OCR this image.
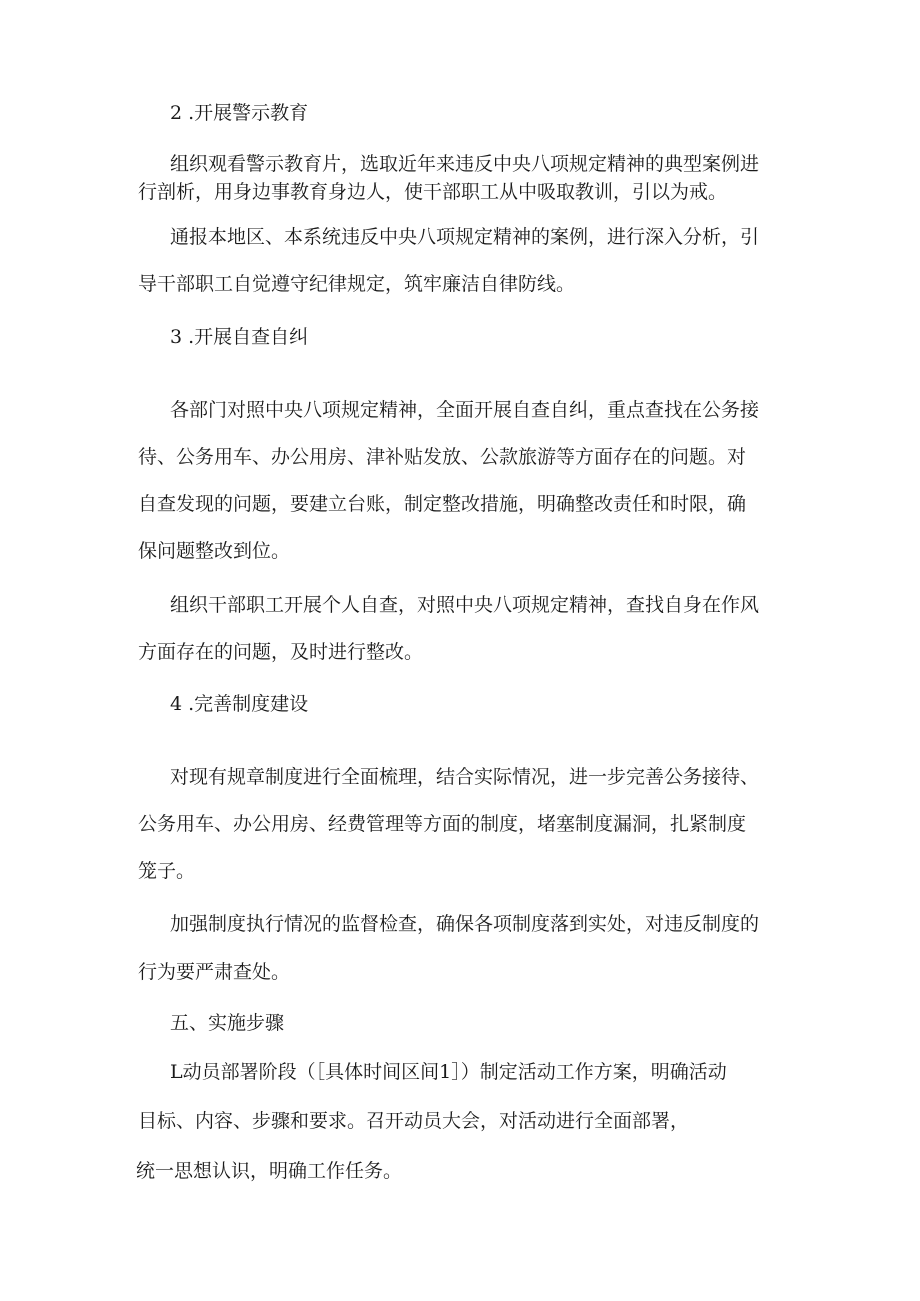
2 .开展警示教育
组织观看警示教育片，选取近年来违反中央八项规定精神的典型案例进
行剖析，用身边事教育身边人，使干部职工从中吸取教训，引以为戒。
通报本地区、本系统违反中央八项规定精神的案例，进行深入分析，引
导干部职工自觉遵守纪律规定，筑牢廉洁自律防线。
3 .开展自查自纠
各部门对照中央八项规定精神，全面开展自查自纠，重点查找在公务接
待、公务用车、办公用房、津补贴发放、公款旅游等方面存在的问题。对
自查发现的问题，要建立台账，制定整改措施，明确整改责任和时限，确
保问题整改到位。
组织干部职工开展个人自查，对照中央八项规定精神，查找自身在作风
方面存在的问题，及时进行整改。
4 .完善制度建设
对现有规章制度进行全面梳理，结合实际情况，进一步完善公务接待、
公务用车、办公用房、经费管理等方面的制度，堵塞制度漏洞，扎紧制度
笼子。
加强制度执行情况的监督检查，确保各项制度落到实处，对违反制度的
行为要严肃查处。
五、实施步骤
L动员部署阶段（［具体时间区间1］）制定活动工作方案，明确活动
目标、内容、步骤和要求。召开动员大会，对活动进行全面部署，
统一思想认识，明确工作任务。
